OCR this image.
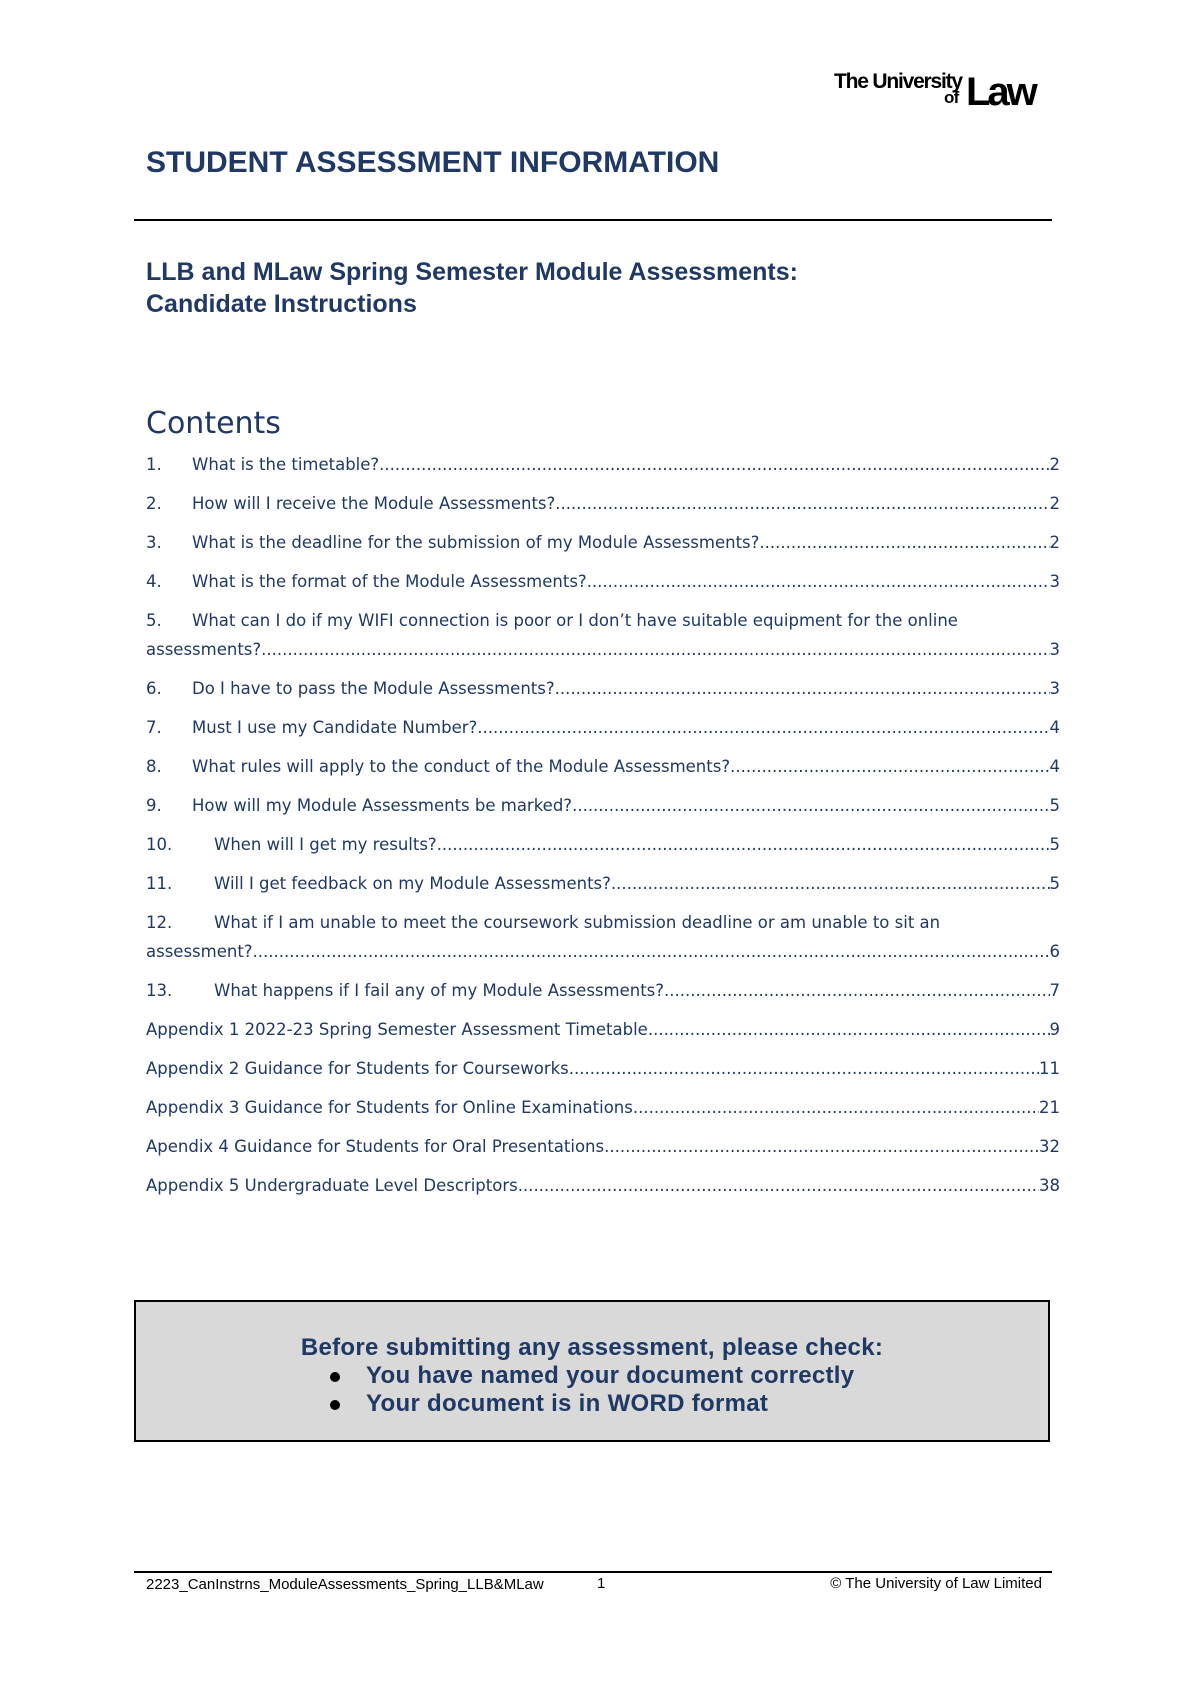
The University
of Law
STUDENT ASSESSMENT INFORMATION
LLB and MLaw Spring Semester Module Assessments:
Candidate Instructions
Contents
1.	What is the timetable? .....	2
2.	How will I receive the Module Assessments? .....	2
3.	What is the deadline for the submission of my Module Assessments? .....	2
4.	What is the format of the Module Assessments? .....	3
5.	What can I do if my WIFI connection is poor or I don’t have suitable equipment for the online
assessments? .....	3
6.	Do I have to pass the Module Assessments? .....	3
7.	Must I use my Candidate Number? .....	4
8.	What rules will apply to the conduct of the Module Assessments? .....	4
9.	How will my Module Assessments be marked? .....	5
10.	When will I get my results? .....	5
11.	Will I get feedback on my Module Assessments? .....	5
12.	What if I am unable to meet the coursework submission deadline or am unable to sit an
assessment? .....	6
13.	What happens if I fail any of my Module Assessments? .....	7
Appendix 1 2022-23 Spring Semester Assessment Timetable .....	9
Appendix 2 Guidance for Students for Courseworks .....	11
Appendix 3 Guidance for Students for Online Examinations .....	21
Apendix 4 Guidance for Students for Oral Presentations .....	32
Appendix 5 Undergraduate Level Descriptors .....	38
Before submitting any assessment, please check:
You have named your document correctly
Your document is in WORD format
2223_CanInstrns_ModuleAssessments_Spring_LLB&MLaw	1	© The University of Law Limited
